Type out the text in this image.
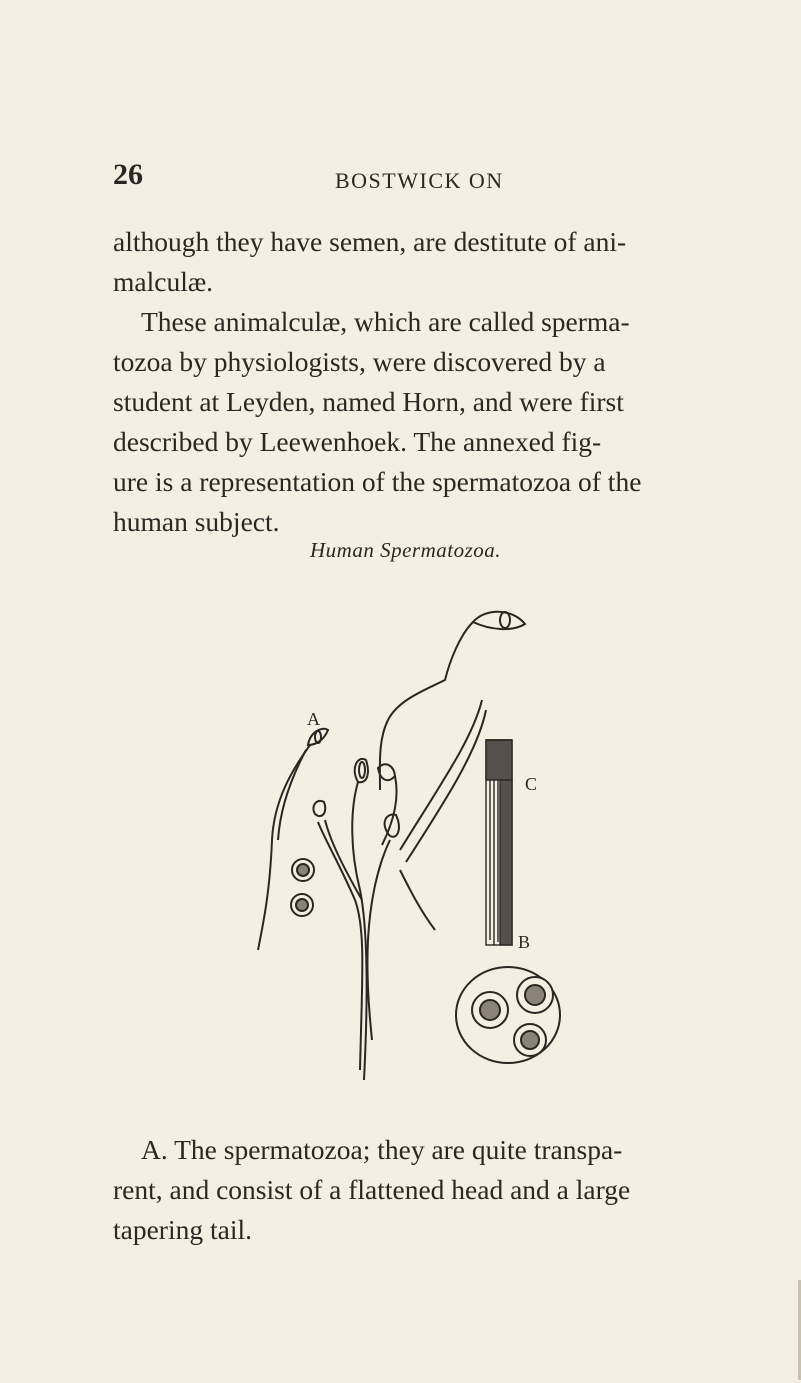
26	BOSTWICK ON

although they have semen, are destitute of ani-
malculæ.
These animalculæ, which are called sperma-
tozoa by physiologists, were discovered by a
student at Leyden, named Horn, and were first
described by Leewenhoek. The annexed fig-
ure is a representation of the spermatozoa of the
human subject.

Human Spermatozoa.
A
C
B

A. The spermatozoa; they are quite transpa-
rent, and consist of a flattened head and a large
tapering tail.
